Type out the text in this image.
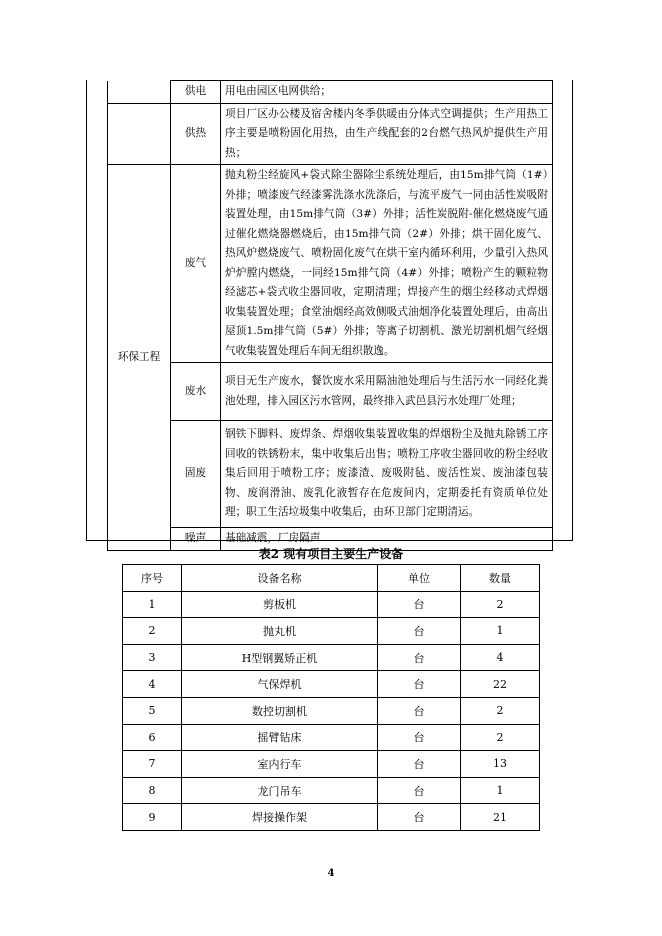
	供电	用电由园区电网供给；
	供热	项目厂区办公楼及宿舍楼内冬季供暖由分体式空调提供；生产用热工序主要是喷粉固化用热，由生产线配套的2台燃气热风炉提供生产用热；
环保工程	废气	抛丸粉尘经旋风+袋式除尘器除尘系统处理后，由15m排气筒（1#）外排；喷漆废气经漆雾洗涤水洗涤后，与流平废气一同由活性炭吸附装置处理，由15m排气筒（3#）外排；活性炭脱附-催化燃烧废气通过催化燃烧器燃烧后，由15m排气筒（2#）外排；烘干固化废气、热风炉燃烧废气、喷粉固化废气在烘干室内循环利用，少量引入热风炉炉膛内燃烧，一同经15m排气筒（4#）外排；喷粉产生的颗粒物经滤芯+袋式收尘器回收，定期清理；焊接产生的烟尘经移动式焊烟收集装置处理；食堂油烟经高效侧吸式油烟净化装置处理后，由高出屋顶1.5m排气筒（5#）外排；等离子切割机、激光切割机烟气经烟气收集装置处理后车间无组织散逸。
	废水	项目无生产废水，餐饮废水采用隔油池处理后与生活污水一同经化粪池处理，排入园区污水管网，最终排入武邑县污水处理厂处理；
	固废	钢铁下脚料、废焊条、焊烟收集装置收集的焊烟粉尘及抛丸除锈工序回收的铁锈粉末，集中收集后出售；喷粉工序收尘器回收的粉尘经收集后回用于喷粉工序；废漆渣、废吸附毡、废活性炭、废油漆包装物、废润滑油、废乳化液暂存在危废间内，定期委托有资质单位处理；职工生活垃圾集中收集后，由环卫部门定期清运。
	噪声	基础减震，厂房隔声
表2 现有项目主要生产设备
序号	设备名称	单位	数量
1	剪板机	台	2
2	抛丸机	台	1
3	H型钢翼矫正机	台	4
4	气保焊机	台	22
5	数控切割机	台	2
6	摇臂钻床	台	2
7	室内行车	台	13
8	龙门吊车	台	1
9	焊接操作架	台	21
4
